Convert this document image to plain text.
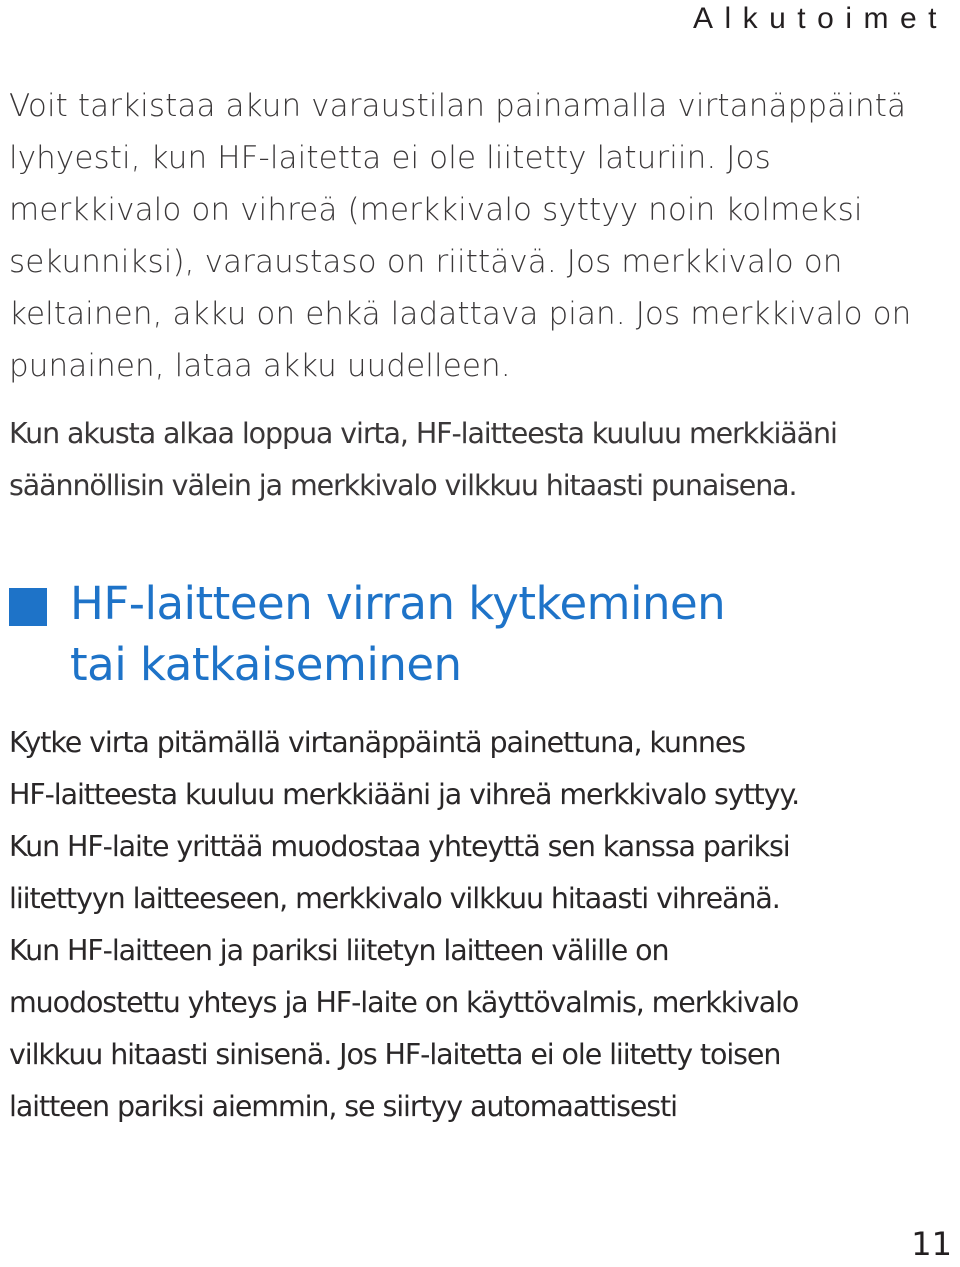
Alkutoimet
Voit tarkistaa akun varaustilan painamalla virtanäppäintä
lyhyesti, kun HF-laitetta ei ole liitetty laturiin. Jos
merkkivalo on vihreä (merkkivalo syttyy noin kolmeksi
sekunniksi), varaustaso on riittävä. Jos merkkivalo on
keltainen, akku on ehkä ladattava pian. Jos merkkivalo on
punainen, lataa akku uudelleen.
Kun akusta alkaa loppua virta, HF-laitteesta kuuluu merkkiääni
säännöllisin välein ja merkkivalo vilkkuu hitaasti punaisena.
HF-laitteen virran kytkeminen
tai katkaiseminen
Kytke virta pitämällä virtanäppäintä painettuna, kunnes
HF-laitteesta kuuluu merkkiääni ja vihreä merkkivalo syttyy.
Kun HF-laite yrittää muodostaa yhteyttä sen kanssa pariksi
liitettyyn laitteeseen, merkkivalo vilkkuu hitaasti vihreänä.
Kun HF-laitteen ja pariksi liitetyn laitteen välille on
muodostettu yhteys ja HF-laite on käyttövalmis, merkkivalo
vilkkuu hitaasti sinisenä. Jos HF-laitetta ei ole liitetty toisen
laitteen pariksi aiemmin, se siirtyy automaattisesti
11
